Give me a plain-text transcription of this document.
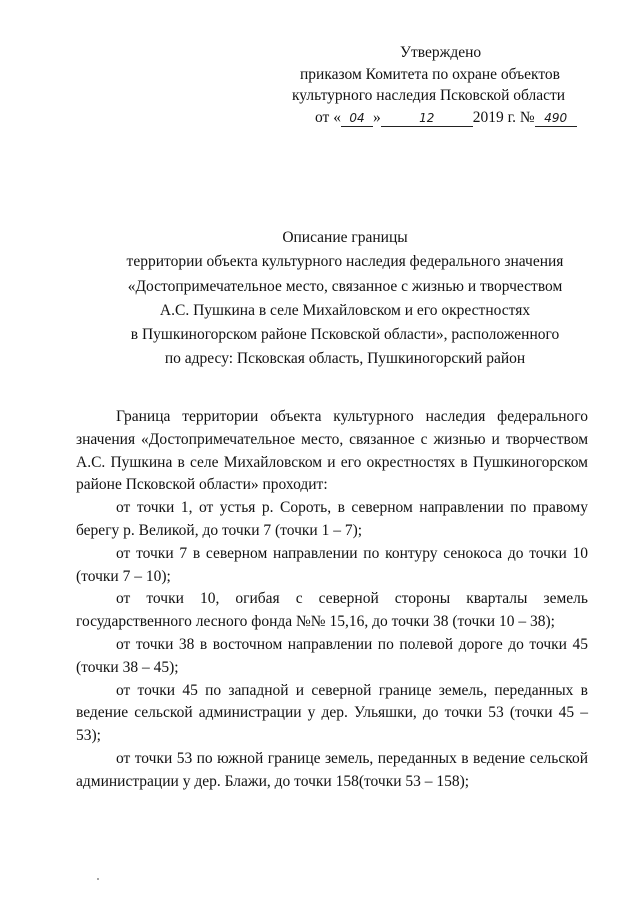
Утверждено
приказом Комитета по охране объектов
культурного наследия Псковской области
от « 04 »	12 2019 г. № 490
Описание границы
территории объекта культурного наследия федерального значения
«Достопримечательное место, связанное с жизнью и творчеством
А.С. Пушкина в селе Михайловском и его окрестностях
в Пушкиногорском районе Псковской области», расположенного
по адресу: Псковская область, Пушкиногорский район

Граница территории объекта культурного наследия федерального значения «Достопримечательное место, связанное с жизнью и творчеством А.С. Пушкина в селе Михайловском и его окрестностях в Пушкиногорском районе Псковской области» проходит:

от точки 1, от устья р. Сороть, в северном направлении по правому берегу р. Великой, до точки 7 (точки 1 – 7);

от точки 7 в северном направлении по контуру сенокоса до точки 10 (точки 7 – 10);

от точки 10, огибая с северной стороны кварталы земель государственного лесного фонда №№ 15,16, до точки 38 (точки 10 – 38);

от точки 38 в восточном направлении по полевой дороге до точки 45 (точки 38 – 45);

от точки 45 по западной и северной границе земель, переданных в ведение сельской администрации у дер. Ульяшки, до точки 53 (точки 45 – 53);

от точки 53 по южной границе земель, переданных в ведение сельской администрации у дер. Блажи, до точки 158(точки 53 – 158);
